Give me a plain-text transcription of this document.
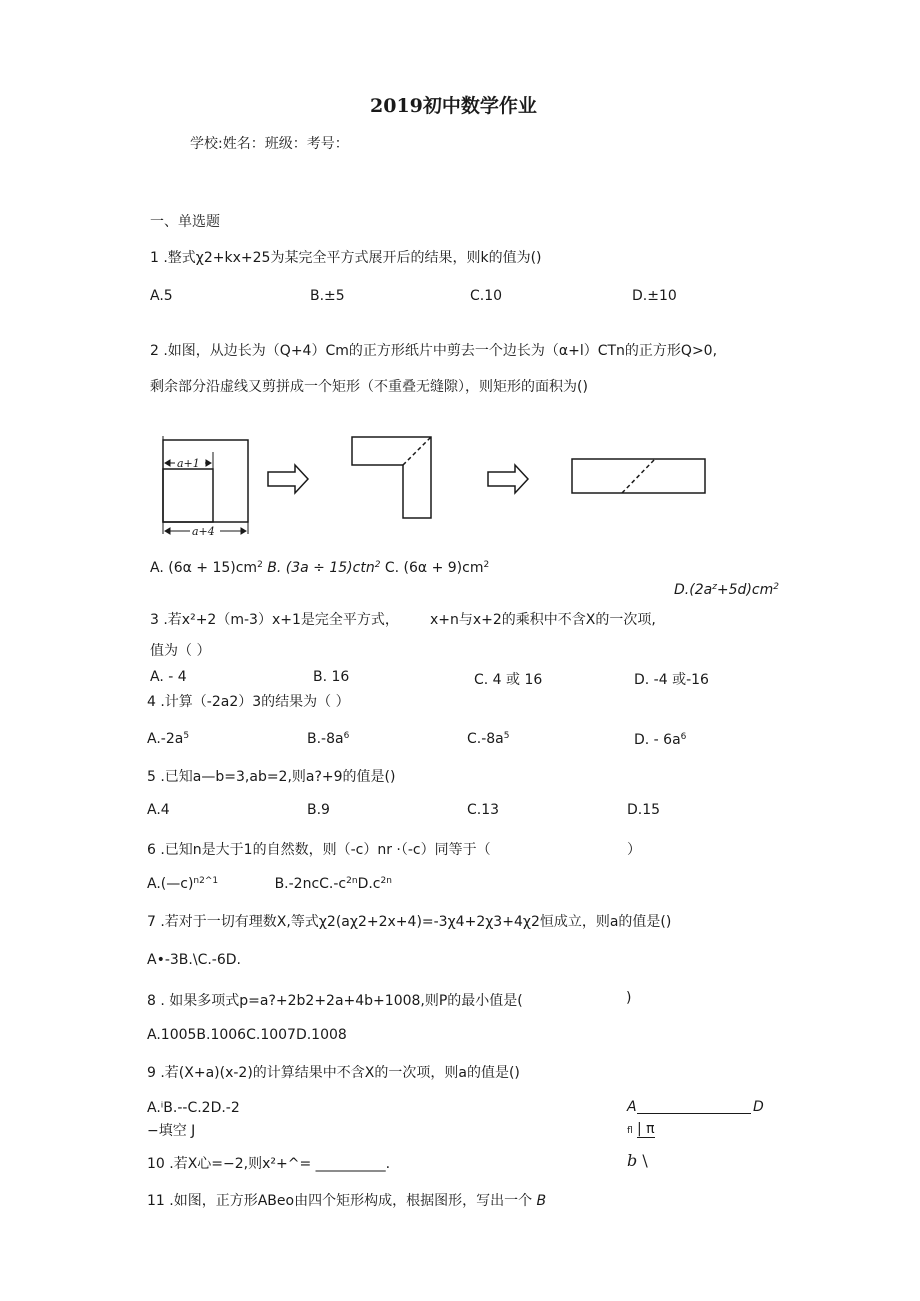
2019初中数学作业
学校:姓名：班级：考号：
一、单选题
1 .整式χ2+kx+25为某完全平方式展开后的结果，则k的值为()
A.5	B.±5	C.10	D.±10
2 .如图，从边长为（Q+4）Cm的正方形纸片中剪去一个边长为（α+l）CTn的正方形Q>0,
剩余部分沿虚线又剪拼成一个矩形（不重叠无缝隙），则矩形的面积为()
a+1
a+4
A. $(6\alpha + 15)cm^2$ B. (3a ÷ 15)ctn$^2$ C. $(6\alpha + 9)cm^2$
$D.(2a^z+5d)cm^2$
3 .若x²+2（m-3）x+1是完全平方式， x+n与x+2的乘积中不含X的一次项,
值为（ ）
A. - 4	B. 16	C. 4 或 16	D. -4 或-16
4 .计算（-2a2）3的结果为（ ）
$A.-2a^5$	$B.-8a^6$	$C.-8a^5$	D. - $6a^6$
5 .已知a—b=3,ab=2,则a?+9的值是()
A.4	B.9	C.13	D.15
6 .已知n是大于1的自然数，则（-c）nr ·（-c）同等于（	）
A.(—c)$^{n2\^{}1}$	$B.-2ncC.-c^{2n}D.c^{2n}$
7 .若对于一切有理数X,等式χ2(aχ2+2x+4)=-3χ4+2χ3+4χ2恒成立，则a的值是()
A•-3B.\C.-6D.
8 . 如果多项式p=a?+2b2+2a+4b+1008,则P的最小值是(	)
A.1005B.1006C.1007D.1008
9 .若(X+a)(x-2)的计算结果中不含X的一次项，则a的值是()
A.ⁱB.--C.2D.-2
−填空 J
10 .若X心=−2,则x²+^= __________.
11 .如图，正方形ABeo由四个矩形构成，根据图形，写出一个 B
A	D
fl | π
b \
